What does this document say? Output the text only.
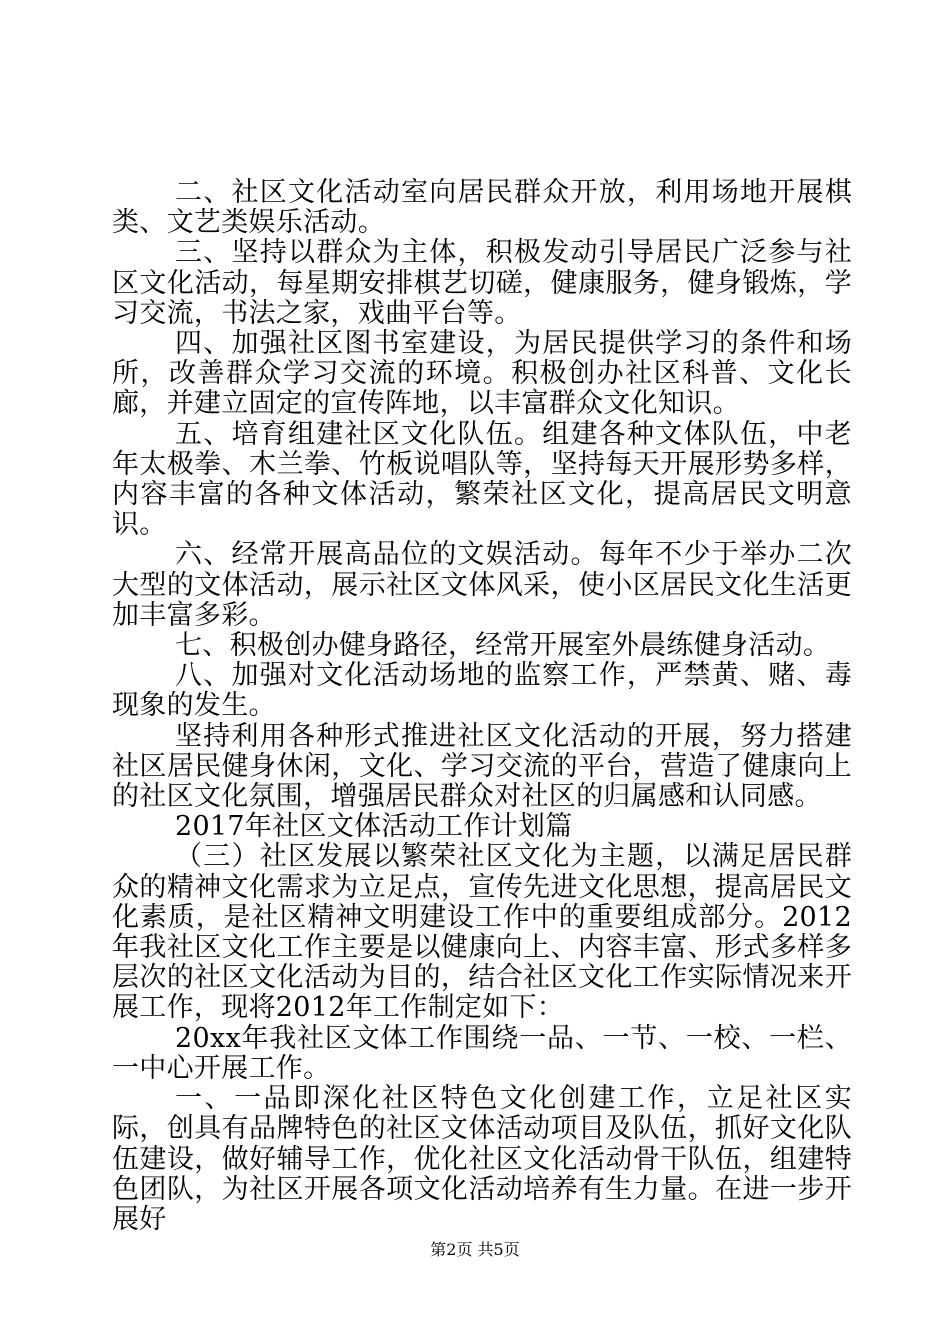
二、社区文化活动室向居民群众开放，利用场地开展棋类、文艺类娱乐活动。

三、坚持以群众为主体，积极发动引导居民广泛参与社区文化活动，每星期安排棋艺切磋，健康服务，健身锻炼，学习交流，书法之家，戏曲平台等。

四、加强社区图书室建设，为居民提供学习的条件和场所，改善群众学习交流的环境。积极创办社区科普、文化长廊，并建立固定的宣传阵地，以丰富群众文化知识。

五、培育组建社区文化队伍。组建各种文体队伍，中老年太极拳、木兰拳、竹板说唱队等，坚持每天开展形势多样，内容丰富的各种文体活动，繁荣社区文化，提高居民文明意识。

六、经常开展高品位的文娱活动。每年不少于举办二次大型的文体活动，展示社区文体风采，使小区居民文化生活更加丰富多彩。

七、积极创办健身路径，经常开展室外晨练健身活动。

八、加强对文化活动场地的监察工作，严禁黄、赌、毒现象的发生。

坚持利用各种形式推进社区文化活动的开展，努力搭建社区居民健身休闲，文化、学习交流的平台，营造了健康向上的社区文化氛围，增强居民群众对社区的归属感和认同感。

2017年社区文体活动工作计划篇

（三）社区发展以繁荣社区文化为主题，以满足居民群众的精神文化需求为立足点，宣传先进文化思想，提高居民文化素质，是社区精神文明建设工作中的重要组成部分。2012年我社区文化工作主要是以健康向上、内容丰富、形式多样多层次的社区文化活动为目的，结合社区文化工作实际情况来开展工作，现将2012年工作制定如下：

20xx年我社区文体工作围绕一品、一节、一校、一栏、一中心开展工作。

一、一品即深化社区特色文化创建工作，立足社区实际，创具有品牌特色的社区文体活动项目及队伍，抓好文化队伍建设，做好辅导工作，优化社区文化活动骨干队伍，组建特色团队，为社区开展各项文化活动培养有生力量。在进一步开展好

第2页 共5页
